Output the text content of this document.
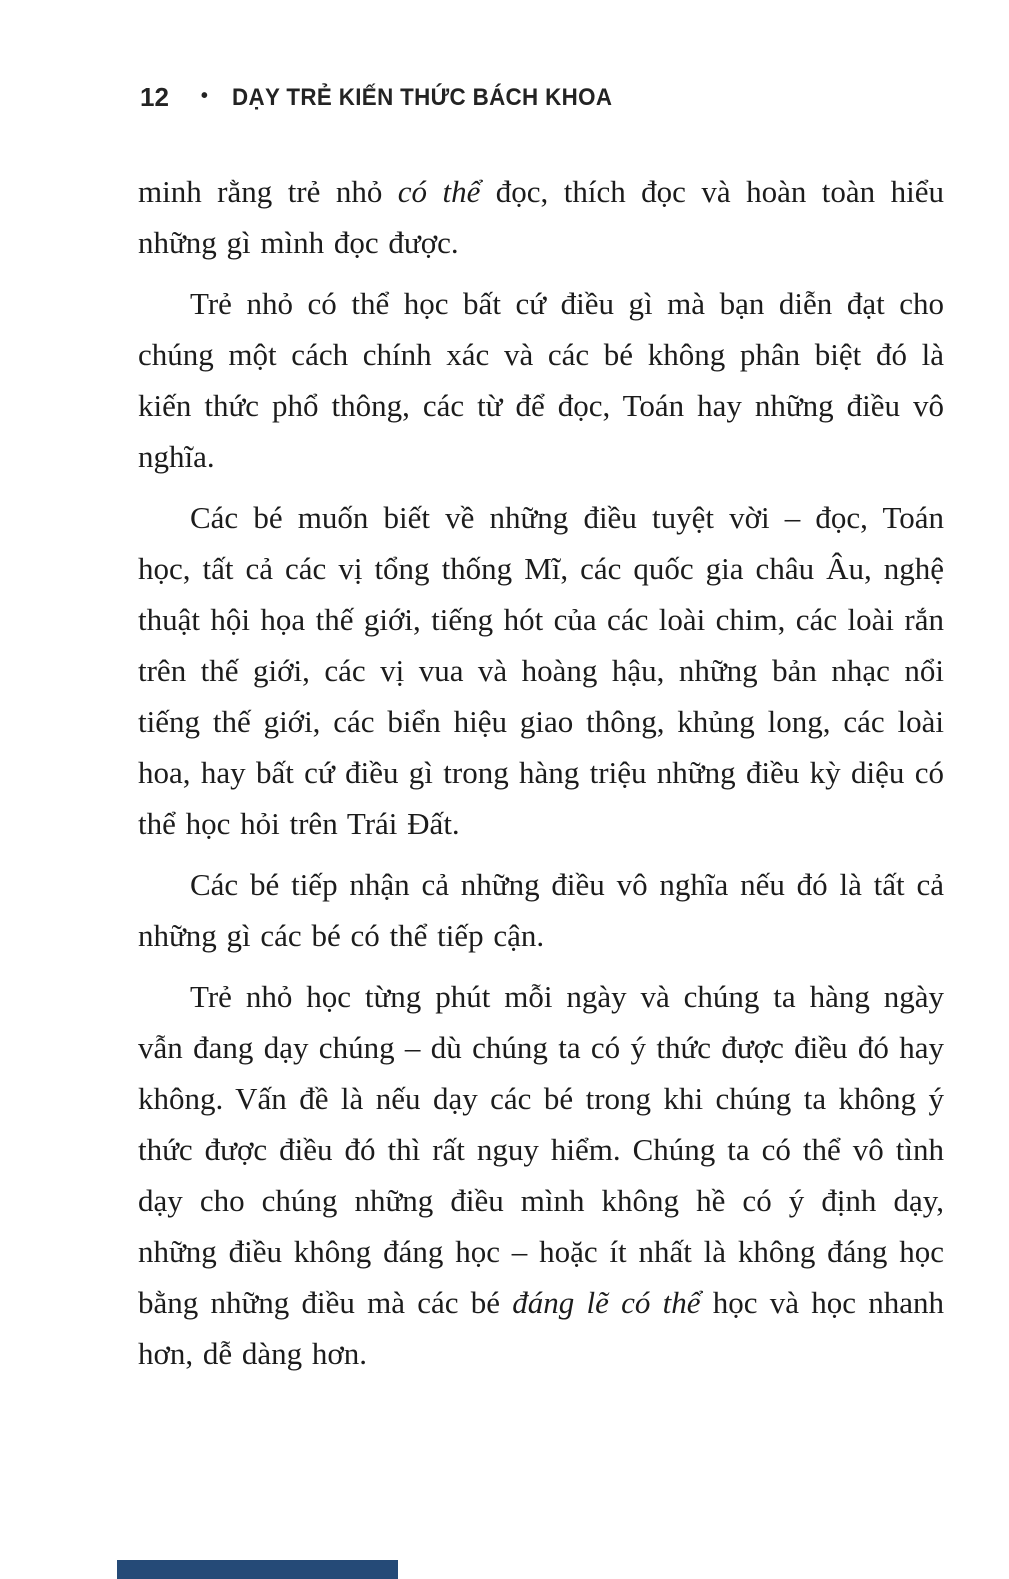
12 • DẠY TRẺ KIẾN THỨC BÁCH KHOA

minh rằng trẻ nhỏ có thể đọc, thích đọc và hoàn toàn hiểu những gì mình đọc được.

Trẻ nhỏ có thể học bất cứ điều gì mà bạn diễn đạt cho chúng một cách chính xác và các bé không phân biệt đó là kiến thức phổ thông, các từ để đọc, Toán hay những điều vô nghĩa.

Các bé muốn biết về những điều tuyệt vời – đọc, Toán học, tất cả các vị tổng thống Mĩ, các quốc gia châu Âu, nghệ thuật hội họa thế giới, tiếng hót của các loài chim, các loài rắn trên thế giới, các vị vua và hoàng hậu, những bản nhạc nổi tiếng thế giới, các biển hiệu giao thông, khủng long, các loài hoa, hay bất cứ điều gì trong hàng triệu những điều kỳ diệu có thể học hỏi trên Trái Đất.

Các bé tiếp nhận cả những điều vô nghĩa nếu đó là tất cả những gì các bé có thể tiếp cận.

Trẻ nhỏ học từng phút mỗi ngày và chúng ta hàng ngày vẫn đang dạy chúng – dù chúng ta có ý thức được điều đó hay không. Vấn đề là nếu dạy các bé trong khi chúng ta không ý thức được điều đó thì rất nguy hiểm. Chúng ta có thể vô tình dạy cho chúng những điều mình không hề có ý định dạy, những điều không đáng học – hoặc ít nhất là không đáng học bằng những điều mà các bé đáng lẽ có thể học và học nhanh hơn, dễ dàng hơn.
